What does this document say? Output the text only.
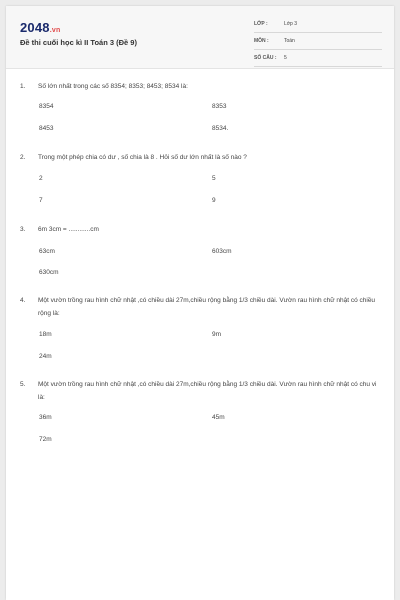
2048.vn
Đề thi cuối học kì II Toán 3 (Đề 9)
LỚP :	Lớp 3
MÔN :	Toán
SỐ CÂU : 5
1. Số lớn nhất trong các số 8354; 8353; 8453; 8534 là:
8354	8353
8453	8534.
2. Trong một phép chia có dư , số chia là 8 . Hỏi số dư lớn nhất là số nào ?
2	5
7	9
3. 6m 3cm = ............cm
63cm	603cm
630cm
4. Một vườn trồng rau hình chữ nhật ,có chiều dài 27m,chiều rộng bằng 1/3 chiều dài. Vườn rau hình chữ nhật có chiều rộng là:
18m	9m
24m
5. Một vườn trồng rau hình chữ nhật ,có chiều dài 27m,chiều rộng bằng 1/3 chiều dài. Vườn rau hình chữ nhật có chu vi là:
36m	45m
72m
